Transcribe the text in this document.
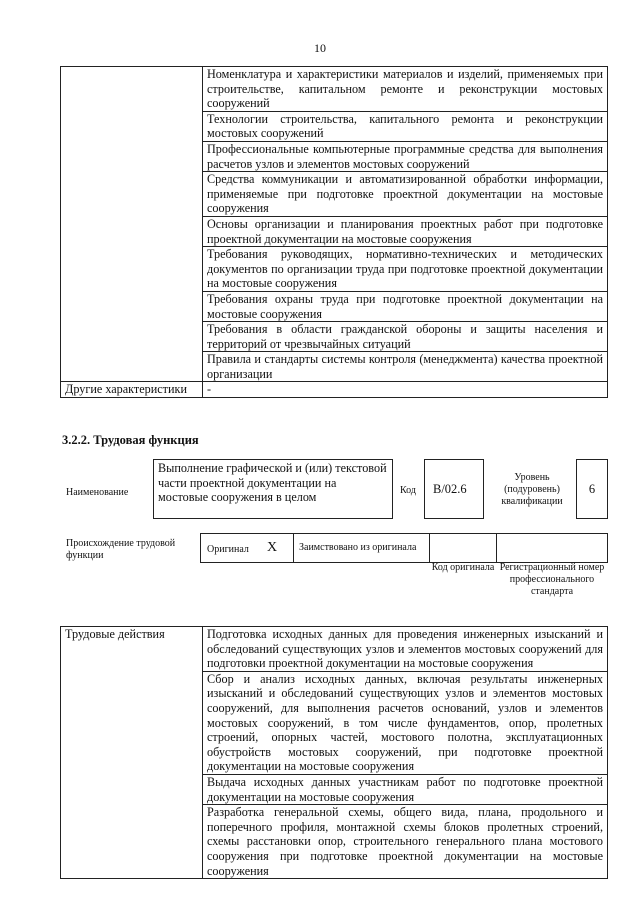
10
	Номенклатура и характеристики материалов и изделий, применяемых при строительстве, капитальном ремонте и реконструкции мостовых сооружений
	Технологии строительства, капитального ремонта и реконструкции мостовых сооружений
	Профессиональные компьютерные программные средства для выполнения расчетов узлов и элементов мостовых сооружений
	Средства коммуникации и автоматизированной обработки информации, применяемые при подготовке проектной документации на мостовые сооружения
	Основы организации и планирования проектных работ при подготовке проектной документации на мостовые сооружения
	Требования руководящих, нормативно-технических и методических документов по организации труда при подготовке проектной документации на мостовые сооружения
	Требования охраны труда при подготовке проектной документации на мостовые сооружения
	Требования в области гражданской обороны и защиты населения и территорий от чрезвычайных ситуаций
	Правила и стандарты системы контроля (менеджмента) качества проектной организации
Другие характеристики	-
3.2.2. Трудовая функция
Наименование
Выполнение графической и (или) текстовой части проектной документации на мостовые сооружения в целом	Код	В/02.6
Уровень (подуровень) квалификации
6
Происхождение трудовой функции
Оригинал X	Заимствовано из оригинала
Код оригинала Регистрационный номер профессионального стандарта
Трудовые действия	Подготовка исходных данных для проведения инженерных изысканий и обследований существующих узлов и элементов мостовых сооружений для подготовки проектной документации на мостовые сооружения
Сбор и анализ исходных данных, включая результаты инженерных изысканий и обследований существующих узлов и элементов мостовых сооружений, для выполнения расчетов оснований, узлов и элементов мостовых сооружений, в том числе фундаментов, опор, пролетных строений, опорных частей, мостового полотна, эксплуатационных обустройств мостовых сооружений, при подготовке проектной документации на мостовые сооружения
Выдача исходных данных участникам работ по подготовке проектной документации на мостовые сооружения
Разработка генеральной схемы, общего вида, плана, продольного и поперечного профиля, монтажной схемы блоков пролетных строений, схемы расстановки опор, строительного генерального плана мостового сооружения при подготовке проектной документации на мостовые сооружения
